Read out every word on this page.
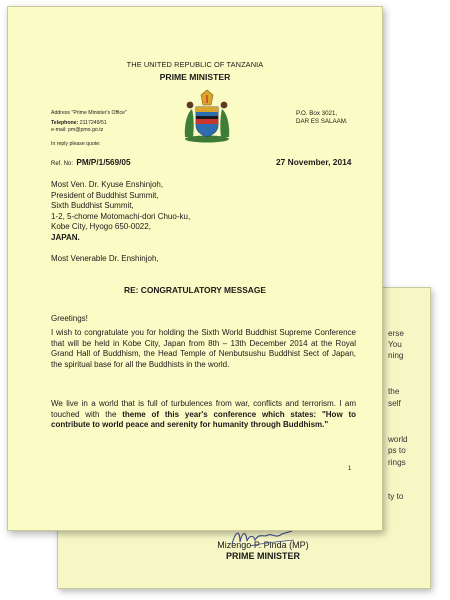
erse
You
ning
the
self
world
ps to
rings
ty to
Mizengo P. Pinda (MP)
PRIME MINISTER
THE UNITED REPUBLIC OF TANZANIA
PRIME MINISTER
Address "Prime Minister's Office"
Telephone: 2117249/51
e-mail: pm@pmo.go.tz
In reply please quote:
P.O. Box 3021,
DAR ES SALAAM.
Ref. No: PM/P/1/569/05	27 November, 2014
Most Ven. Dr. Kyuse Enshinjoh,
President of Buddhist Summit,
Sixth Buddhist Summit,
1-2, 5-chome Motomachi-dori Chuo-ku,
Kobe City, Hyogo 650-0022,
JAPAN.
Most Venerable Dr. Enshinjoh,
RE: CONGRATULATORY MESSAGE
Greetings!
I wish to congratulate you for holding the Sixth World Buddhist Supreme Conference that will be held in Kobe City, Japan from 8th – 13th December 2014 at the Royal Grand Hall of Buddhism, the Head Temple of Nenbutsushu Buddhist Sect of Japan, the spiritual base for all the Buddhists in the world.
We live in a world that is full of turbulences from war, conflicts and terrorism. I am touched with the theme of this year's conference which states: "How to contribute to world peace and serenity for humanity through Buddhism."
1
